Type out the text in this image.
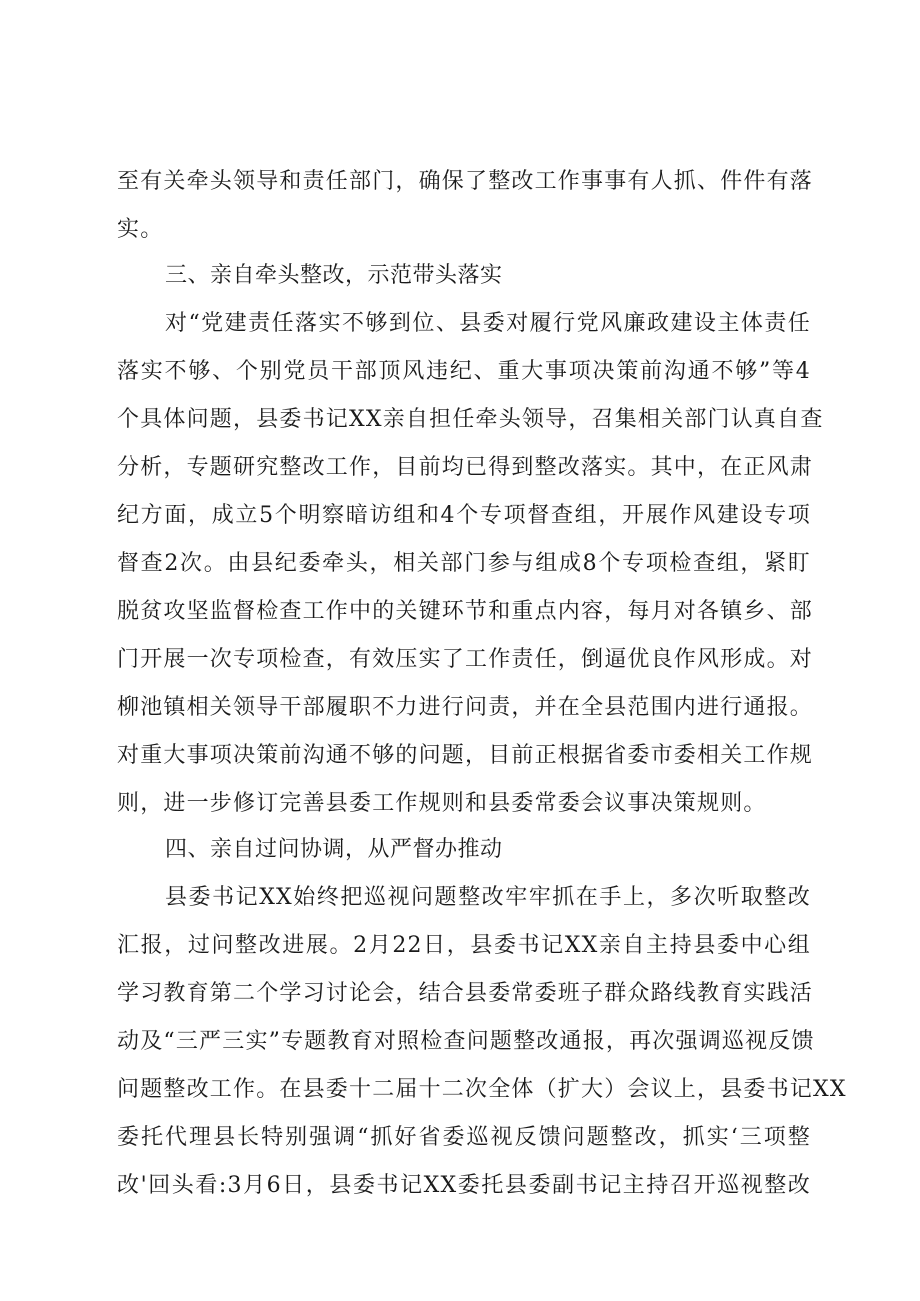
至有关牵头领导和责任部门，确保了整改工作事事有人抓、件件有落
实。
三、亲自牵头整改，示范带头落实
对“党建责任落实不够到位、县委对履行党风廉政建设主体责任
落实不够、个别党员干部顶风违纪、重大事项决策前沟通不够”等4
个具体问题，县委书记XX亲自担任牵头领导，召集相关部门认真自查
分析，专题研究整改工作，目前均已得到整改落实。其中，在正风肃
纪方面，成立5个明察暗访组和4个专项督查组，开展作风建设专项
督查2次。由县纪委牵头，相关部门参与组成8个专项检查组，紧盯
脱贫攻坚监督检查工作中的关键环节和重点内容，每月对各镇乡、部
门开展一次专项检查，有效压实了工作责任，倒逼优良作风形成。对
柳池镇相关领导干部履职不力进行问责，并在全县范围内进行通报。
对重大事项决策前沟通不够的问题，目前正根据省委市委相关工作规
则，进一步修订完善县委工作规则和县委常委会议事决策规则。
四、亲自过问协调，从严督办推动
县委书记XX始终把巡视问题整改牢牢抓在手上，多次听取整改
汇报，过问整改进展。2月22日，县委书记XX亲自主持县委中心组
学习教育第二个学习讨论会，结合县委常委班子群众路线教育实践活
动及“三严三实”专题教育对照检查问题整改通报，再次强调巡视反馈
问题整改工作。在县委十二届十二次全体（扩大）会议上，县委书记XX
委托代理县长特别强调“抓好省委巡视反馈问题整改，抓实‘三项整
改'回头看:3月6日，县委书记XX委托县委副书记主持召开巡视整改
